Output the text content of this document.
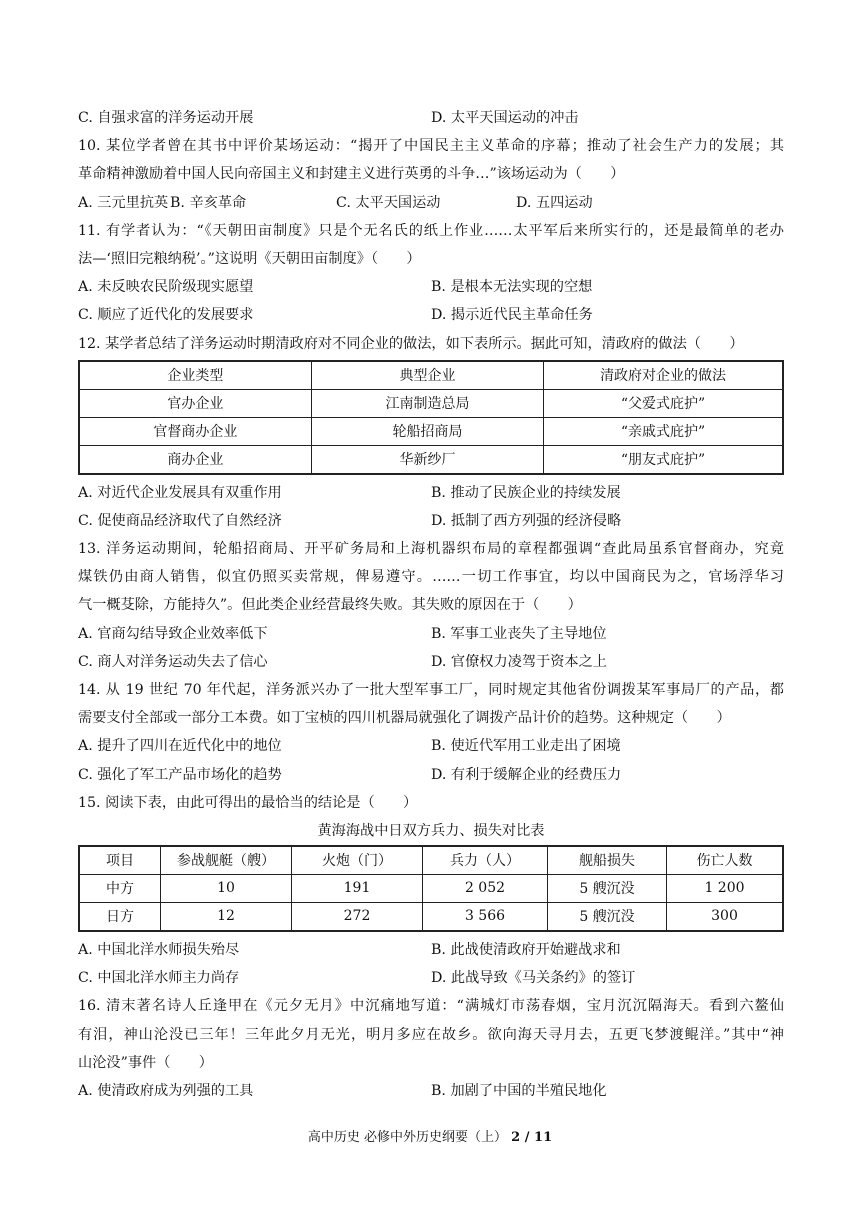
C. 自强求富的洋务运动开展	D. 太平天国运动的冲击
10. 某位学者曾在其书中评价某场运动：“揭开了中国民主主义革命的序幕；推动了社会生产力的发展；其
革命精神激励着中国人民向帝国主义和封建主义进行英勇的斗争…”该场运动为（　　）
A. 三元里抗英 B. 辛亥革命	C. 太平天国运动	D. 五四运动
11. 有学者认为：“《天朝田亩制度》只是个无名氏的纸上作业……太平军后来所实行的，还是最简单的老办
法—‘照旧完粮纳税’。”这说明《天朝田亩制度》（　　）
A. 未反映农民阶级现实愿望	B. 是根本无法实现的空想
C. 顺应了近代化的发展要求	D. 揭示近代民主革命任务
12. 某学者总结了洋务运动时期清政府对不同企业的做法，如下表所示。据此可知，清政府的做法（　　）
企业类型	典型企业	清政府对企业的做法
官办企业	江南制造总局	“父爱式庇护”
官督商办企业	轮船招商局	“亲戚式庇护”
商办企业	华新纱厂	“朋友式庇护”
A. 对近代企业发展具有双重作用	B. 推动了民族企业的持续发展
C. 促使商品经济取代了自然经济	D. 抵制了西方列强的经济侵略
13. 洋务运动期间，轮船招商局、开平矿务局和上海机器织布局的章程都强调“查此局虽系官督商办，究竟
煤铁仍由商人销售，似宜仍照买卖常规，俾易遵守。……一切工作事宜，均以中国商民为之，官场浮华习
气一概芟除，方能持久”。但此类企业经营最终失败。其失败的原因在于（　　）
A. 官商勾结导致企业效率低下	B. 军事工业丧失了主导地位
C. 商人对洋务运动失去了信心	D. 官僚权力凌驾于资本之上
14. 从 19 世纪 70 年代起，洋务派兴办了一批大型军事工厂，同时规定其他省份调拨某军事局厂的产品，都
需要支付全部或一部分工本费。如丁宝桢的四川机器局就强化了调拨产品计价的趋势。这种规定（　　）
A. 提升了四川在近代化中的地位	B. 使近代军用工业走出了困境
C. 强化了军工产品市场化的趋势	D. 有利于缓解企业的经费压力
15. 阅读下表，由此可得出的最恰当的结论是（　　）
黄海海战中日双方兵力、损失对比表
项目	参战舰艇（艘）	火炮（门）	兵力（人）	舰船损失	伤亡人数
中方	10	191	2 052	5 艘沉没	1 200
日方	12	272	3 566	5 艘沉没	300
A. 中国北洋水师损失殆尽	B. 此战使清政府开始避战求和
C. 中国北洋水师主力尚存	D. 此战导致《马关条约》的签订
16. 清末著名诗人丘逢甲在《元夕无月》中沉痛地写道：“满城灯市荡春烟，宝月沉沉隔海天。看到六鳌仙
有泪，神山沦没已三年！三年此夕月无光，明月多应在故乡。欲向海天寻月去，五更飞梦渡鲲洋。”其中“神
山沦没”事件（　　）
A. 使清政府成为列强的工具	B. 加剧了中国的半殖民地化
高中历史 必修中外历史纲要（上） 2 / 11
